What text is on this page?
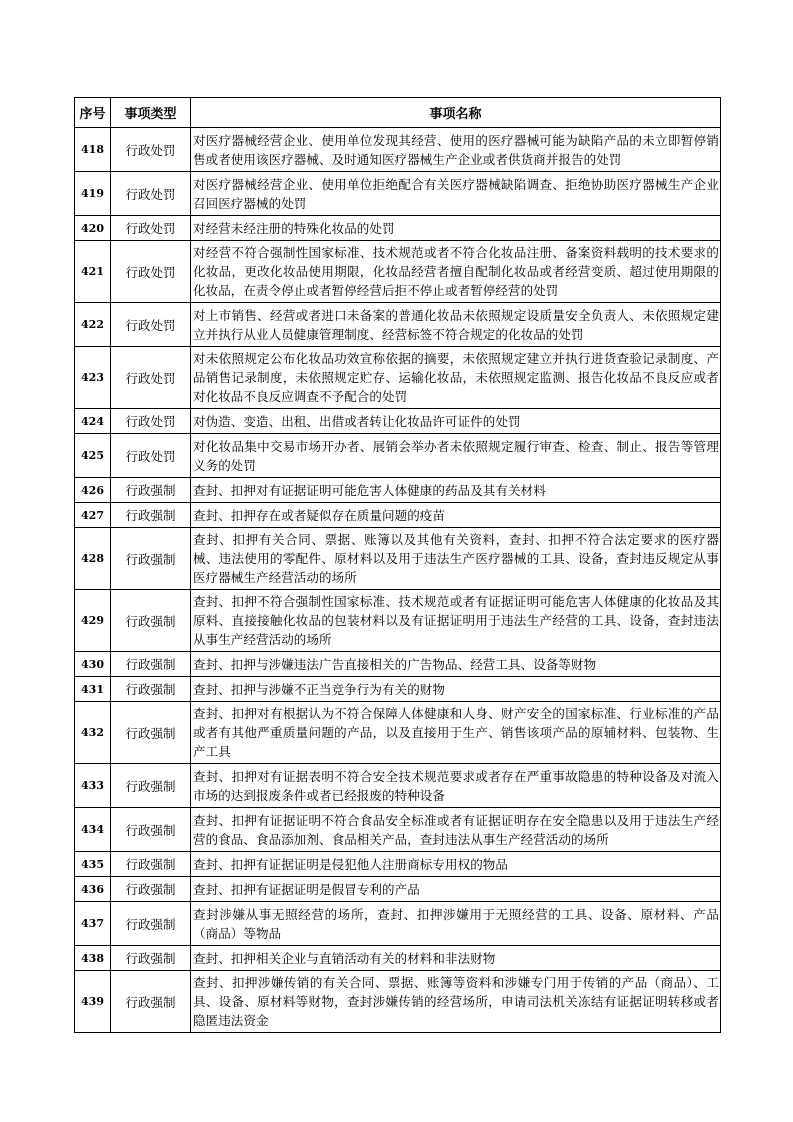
序号	事项类型	事项名称
418	行政处罚	对医疗器械经营企业、使用单位发现其经营、使用的医疗器械可能为缺陷产品的未立即暂停销售或者使用该医疗器械、及时通知医疗器械生产企业或者供货商并报告的处罚
419	行政处罚	对医疗器械经营企业、使用单位拒绝配合有关医疗器械缺陷调查、拒绝协助医疗器械生产企业召回医疗器械的处罚
420	行政处罚	对经营未经注册的特殊化妆品的处罚
421	行政处罚	对经营不符合强制性国家标准、技术规范或者不符合化妆品注册、备案资料载明的技术要求的化妆品，更改化妆品使用期限，化妆品经营者擅自配制化妆品或者经营变质、超过使用期限的化妆品，在责令停止或者暂停经营后拒不停止或者暂停经营的处罚
422	行政处罚	对上市销售、经营或者进口未备案的普通化妆品未依照规定设质量安全负责人、未依照规定建立并执行从业人员健康管理制度、经营标签不符合规定的化妆品的处罚
423	行政处罚	对未依照规定公布化妆品功效宣称依据的摘要，未依照规定建立并执行进货查验记录制度、产品销售记录制度，未依照规定贮存、运输化妆品，未依照规定监测、报告化妆品不良反应或者对化妆品不良反应调查不予配合的处罚
424	行政处罚	对伪造、变造、出租、出借或者转让化妆品许可证件的处罚
425	行政处罚	对化妆品集中交易市场开办者、展销会举办者未依照规定履行审查、检查、制止、报告等管理义务的处罚
426	行政强制	查封、扣押对有证据证明可能危害人体健康的药品及其有关材料
427	行政强制	查封、扣押存在或者疑似存在质量问题的疫苗
428	行政强制	查封、扣押有关合同、票据、账簿以及其他有关资料，查封、扣押不符合法定要求的医疗器械、违法使用的零配件、原材料以及用于违法生产医疗器械的工具、设备，查封违反规定从事医疗器械生产经营活动的场所
429	行政强制	查封、扣押不符合强制性国家标准、技术规范或者有证据证明可能危害人体健康的化妆品及其原料、直接接触化妆品的包装材料以及有证据证明用于违法生产经营的工具、设备，查封违法从事生产经营活动的场所
430	行政强制	查封、扣押与涉嫌违法广告直接相关的广告物品、经营工具、设备等财物
431	行政强制	查封、扣押与涉嫌不正当竞争行为有关的财物
432	行政强制	查封、扣押对有根据认为不符合保障人体健康和人身、财产安全的国家标准、行业标准的产品或者有其他严重质量问题的产品，以及直接用于生产、销售该项产品的原辅材料、包装物、生产工具
433	行政强制	查封、扣押对有证据表明不符合安全技术规范要求或者存在严重事故隐患的特种设备及对流入市场的达到报废条件或者已经报废的特种设备
434	行政强制	查封、扣押有证据证明不符合食品安全标准或者有证据证明存在安全隐患以及用于违法生产经营的食品、食品添加剂、食品相关产品，查封违法从事生产经营活动的场所
435	行政强制	查封、扣押有证据证明是侵犯他人注册商标专用权的物品
436	行政强制	查封、扣押有证据证明是假冒专利的产品
437	行政强制	查封涉嫌从事无照经营的场所，查封、扣押涉嫌用于无照经营的工具、设备、原材料、产品（商品）等物品
438	行政强制	查封、扣押相关企业与直销活动有关的材料和非法财物
439	行政强制	查封、扣押涉嫌传销的有关合同、票据、账簿等资料和涉嫌专门用于传销的产品（商品）、工具、设备、原材料等财物，查封涉嫌传销的经营场所，申请司法机关冻结有证据证明转移或者隐匿违法资金
